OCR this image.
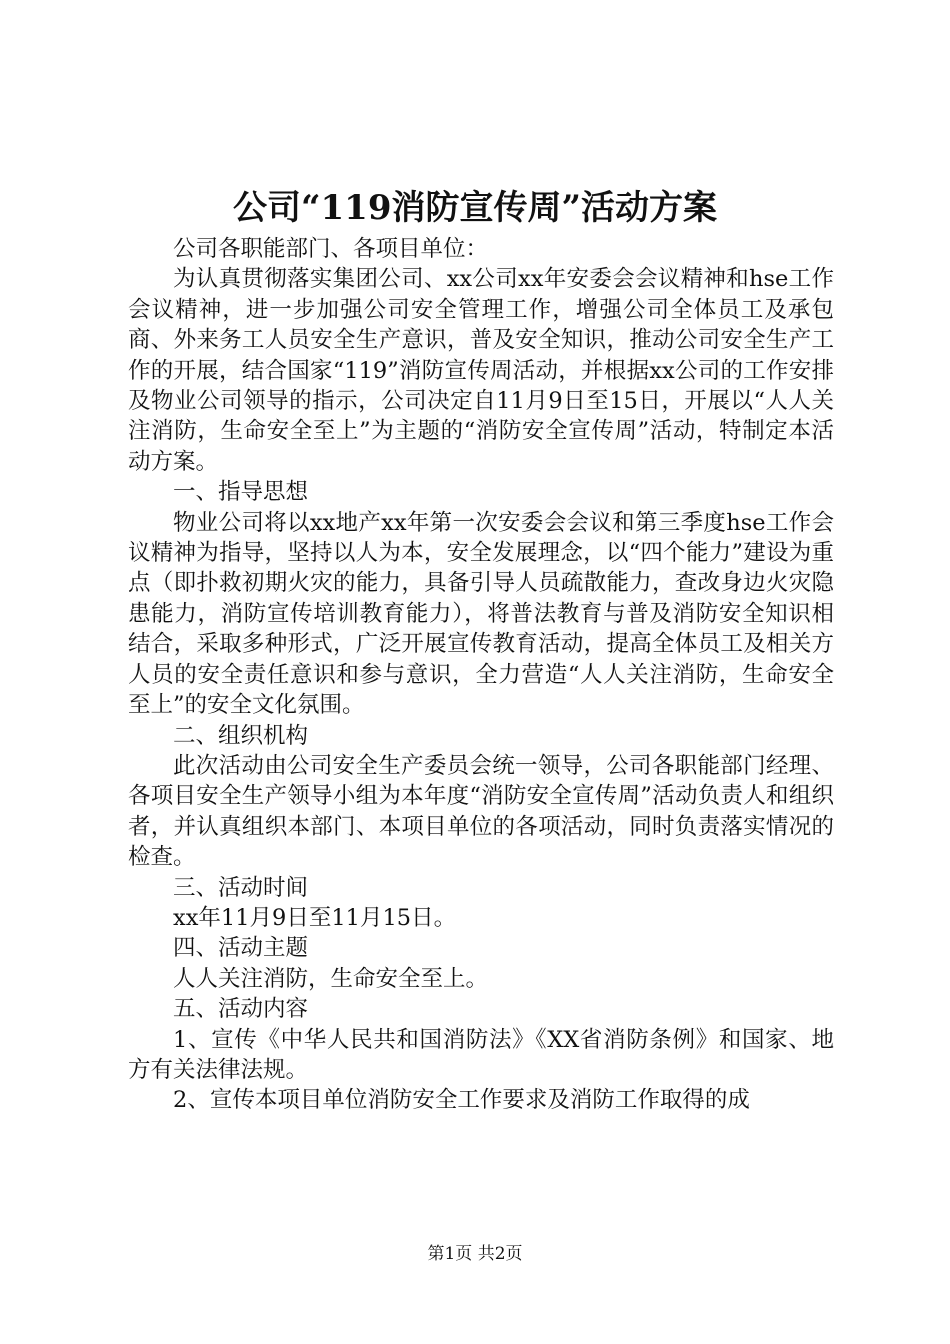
公司“119消防宣传周”活动方案

公司各职能部门、各项目单位：

为认真贯彻落实集团公司、xx公司xx年安委会会议精神和hse工作会议精神，进一步加强公司安全管理工作，增强公司全体员工及承包商、外来务工人员安全生产意识，普及安全知识，推动公司安全生产工作的开展，结合国家“119”消防宣传周活动，并根据xx公司的工作安排及物业公司领导的指示，公司决定自11月9日至15日，开展以“人人关注消防，生命安全至上”为主题的“消防安全宣传周”活动，特制定本活动方案。

一、指导思想

物业公司将以xx地产xx年第一次安委会会议和第三季度hse工作会议精神为指导，坚持以人为本，安全发展理念，以“四个能力”建设为重点（即扑救初期火灾的能力，具备引导人员疏散能力，查改身边火灾隐患能力，消防宣传培训教育能力），将普法教育与普及消防安全知识相结合，采取多种形式，广泛开展宣传教育活动，提高全体员工及相关方人员的安全责任意识和参与意识，全力营造“人人关注消防，生命安全至上”的安全文化氛围。

二、组织机构

此次活动由公司安全生产委员会统一领导，公司各职能部门经理、各项目安全生产领导小组为本年度“消防安全宣传周”活动负责人和组织者，并认真组织本部门、本项目单位的各项活动，同时负责落实情况的检查。

三、活动时间

xx年11月9日至11月15日。

四、活动主题

人人关注消防，生命安全至上。

五、活动内容

1、宣传《中华人民共和国消防法》《XX省消防条例》和国家、地方有关法律法规。

2、宣传本项目单位消防安全工作要求及消防工作取得的成

第1页 共2页
